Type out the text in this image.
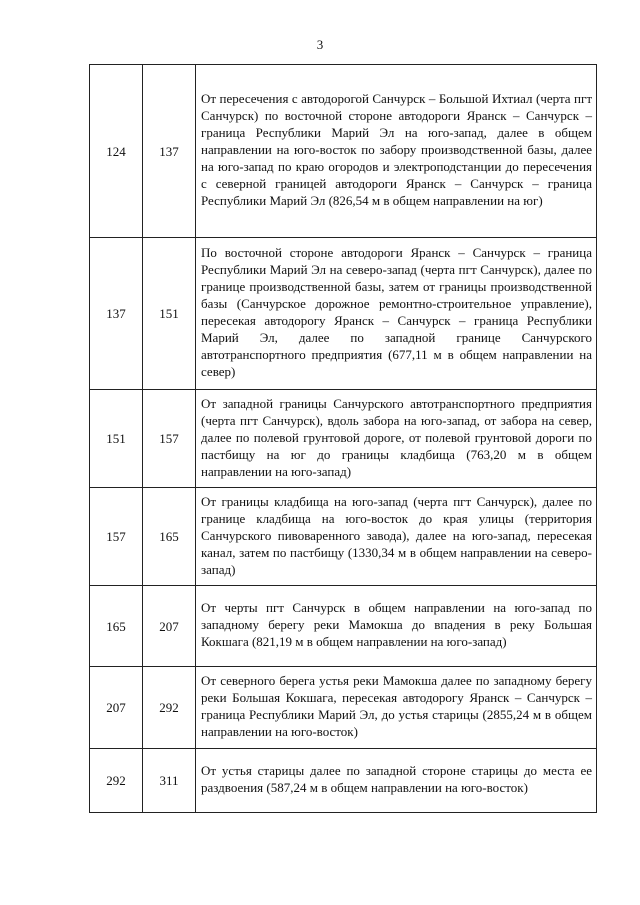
3
124	137	От пересечения с автодорогой Санчурск – Большой Ихтиал (черта пгт Санчурск) по восточной стороне автодороги Яранск – Санчурск – граница Республики Марий Эл на юго-запад, далее в общем направлении на юго-восток по забору производственной базы, далее на юго-запад по краю огородов и электроподстанции до пересечения с северной границей автодороги Яранск – Санчурск – граница Республики Марий Эл (826,54 м в общем направлении на юг)
137	151	По восточной стороне автодороги Яранск – Санчурск – граница Республики Марий Эл на северо-запад (черта пгт Санчурск), далее по границе производственной базы, затем от границы производственной базы (Санчурское дорожное ремонтно-строительное управление), пересекая автодорогу Яранск – Санчурск – граница Республики Марий Эл, далее по западной границе Санчурского автотранспортного предприятия (677,11 м в общем направлении на север)
151	157	От западной границы Санчурского автотранспортного предприятия (черта пгт Санчурск), вдоль забора на юго-запад, от забора на север, далее по полевой грунтовой дороге, от полевой грунтовой дороги по пастбищу на юг до границы кладбища (763,20 м в общем направлении на юго-запад)
157	165	От границы кладбища на юго-запад (черта пгт Санчурск), далее по границе кладбища на юго-восток до края улицы (территория Санчурского пивоваренного завода), далее на юго-запад, пересекая канал, затем по пастбищу (1330,34 м в общем направлении на северо-запад)
165	207	От черты пгт Санчурск в общем направлении на юго-запад по западному берегу реки Мамокша до впадения в реку Большая Кокшага (821,19 м в общем направлении на юго-запад)
207	292	От северного берега устья реки Мамокша далее по западному берегу реки Большая Кокшага, пересекая автодорогу Яранск – Санчурск – граница Республики Марий Эл, до устья старицы (2855,24 м в общем направлении на юго-восток)
292	311	От устья старицы далее по западной стороне старицы до места ее раздвоения (587,24 м в общем направлении на юго-восток)
